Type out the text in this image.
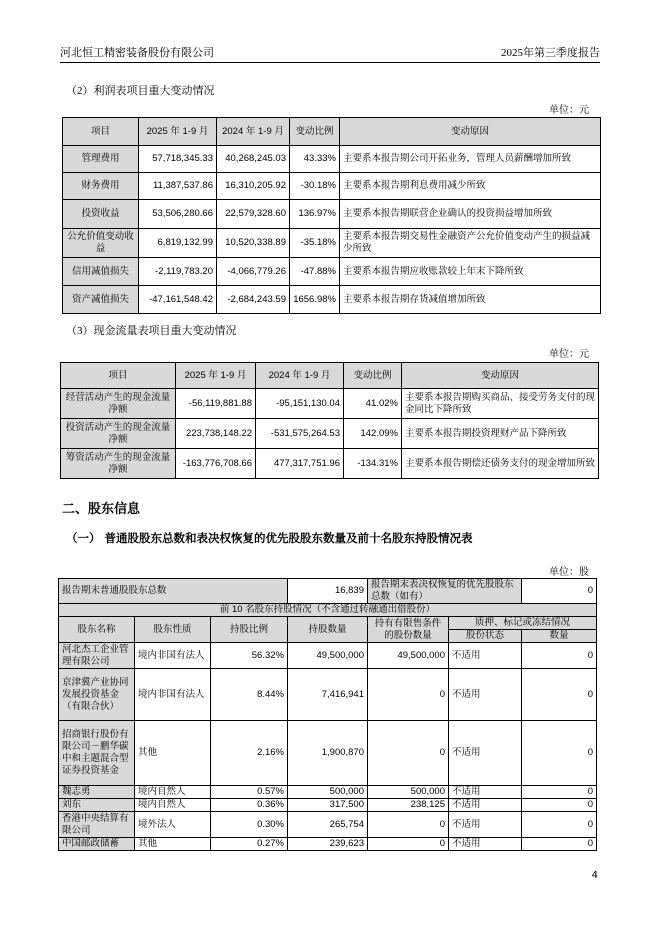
河北恒工精密装备股份有限公司	2025年第三季度报告
（2）利润表项目重大变动情况
单位：元
项目	2025 年 1-9 月	2024 年 1-9 月	变动比例	变动原因
管理费用	57,718,345.33	40,268,245.03	43.33%	主要系本报告期公司开拓业务，管理人员薪酬增加所致
财务费用	11,387,537.86	16,310,205.92	-30.18%	主要系本报告期利息费用减少所致
投资收益	53,506,280.66	22,579,328.60	136.97%	主要系本报告期联营企业确认的投资损益增加所致
公允价值变动收益	6,819,132.99	10,520,338.89	-35.18%	主要系本报告期交易性金融资产公允价值变动产生的损益减少所致
信用减值损失	-2,119,783.20	-4,066,779.26	-47.88%	主要系本报告期应收账款较上年末下降所致
资产减值损失	-47,161,548.42	-2,684,243.59	1656.98%	主要系本报告期存货减值增加所致
（3）现金流量表项目重大变动情况
单位：元
项目	2025 年 1-9 月	2024 年 1-9 月	变动比例	变动原因
经营活动产生的现金流量净额	-56,119,881.88	-95,151,130.04	41.02%	主要系本报告期购买商品、接受劳务支付的现金同比下降所致
投资活动产生的现金流量净额	223,738,148.22	-531,575,264.53	142.09%	主要系本报告期投资理财产品下降所致
筹资活动产生的现金流量净额	-163,776,708.66	477,317,751.96	-134.31%	主要系本报告期偿还债务支付的现金增加所致
二、股东信息
（一） 普通股股东总数和表决权恢复的优先股股东数量及前十名股东持股情况表
单位：股
报告期末普通股股东总数			16,839	报告期末表决权恢复的优先股股东总数（如有）		0
前 10 名股东持股情况（不含通过转融通出借股份）						
股东名称	股东性质	持股比例	持股数量	持有有限售条件的股份数量	质押、标记或冻结情况	
					股份状态	数量
河北杰工企业管理有限公司	境内非国有法人	56.32%	49,500,000	49,500,000	不适用	0
京津冀产业协同发展投资基金（有限合伙）	境内非国有法人	8.44%	7,416,941	0	不适用	0
招商银行股份有限公司－鹏华碳中和主题混合型证券投资基金	其他	2.16%	1,900,870	0	不适用	0
魏志勇	境内自然人	0.57%	500,000	500,000	不适用	0
刘东	境内自然人	0.36%	317,500	238,125	不适用	0
香港中央结算有限公司	境外法人	0.30%	265,754	0	不适用	0
中国邮政储蓄	其他	0.27%	239,623	0	不适用	0
4
